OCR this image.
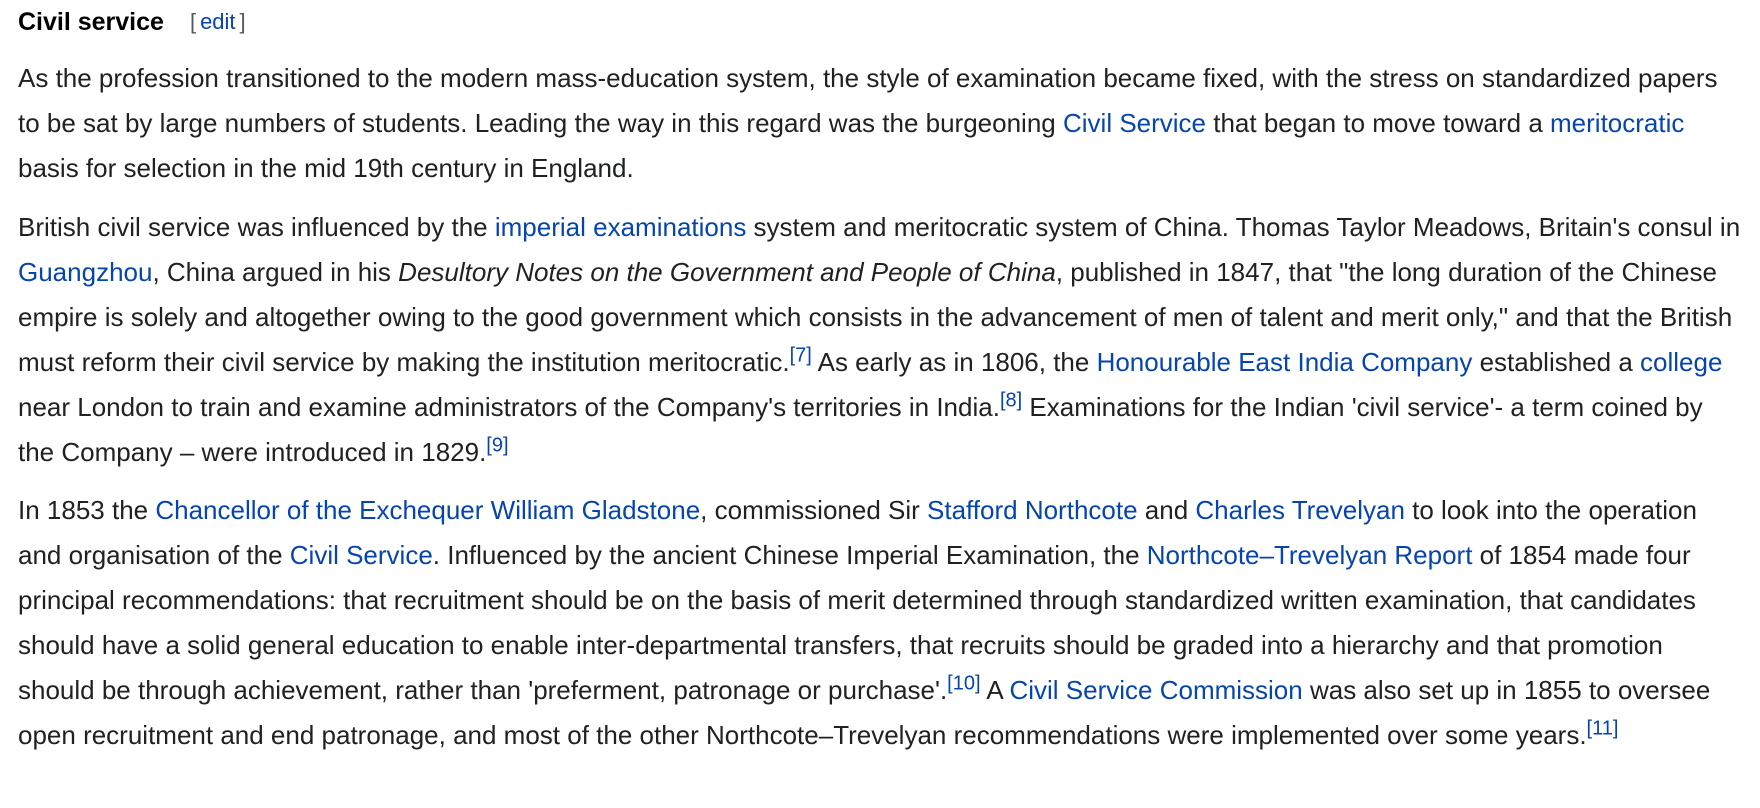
Civil service [ edit ]

As the profession transitioned to the modern mass-education system, the style of examination became fixed, with the stress on standardized papers to be sat by large numbers of students. Leading the way in this regard was the burgeoning Civil Service that began to move toward a meritocratic basis for selection in the mid 19th century in England.

British civil service was influenced by the imperial examinations system and meritocratic system of China. Thomas Taylor Meadows, Britain's consul in Guangzhou, China argued in his Desultory Notes on the Government and People of China, published in 1847, that "the long duration of the Chinese empire is solely and altogether owing to the good government which consists in the advancement of men of talent and merit only," and that the British must reform their civil service by making the institution meritocratic.[7] As early as in 1806, the Honourable East India Company established a college near London to train and examine administrators of the Company's territories in India.[8] Examinations for the Indian 'civil service'- a term coined by the Company – were introduced in 1829.[9]

In 1853 the Chancellor of the Exchequer William Gladstone, commissioned Sir Stafford Northcote and Charles Trevelyan to look into the operation and organisation of the Civil Service. Influenced by the ancient Chinese Imperial Examination, the Northcote–Trevelyan Report of 1854 made four principal recommendations: that recruitment should be on the basis of merit determined through standardized written examination, that candidates should have a solid general education to enable inter-departmental transfers, that recruits should be graded into a hierarchy and that promotion should be through achievement, rather than 'preferment, patronage or purchase'.[10] A Civil Service Commission was also set up in 1855 to oversee open recruitment and end patronage, and most of the other Northcote–Trevelyan recommendations were implemented over some years.[11]
